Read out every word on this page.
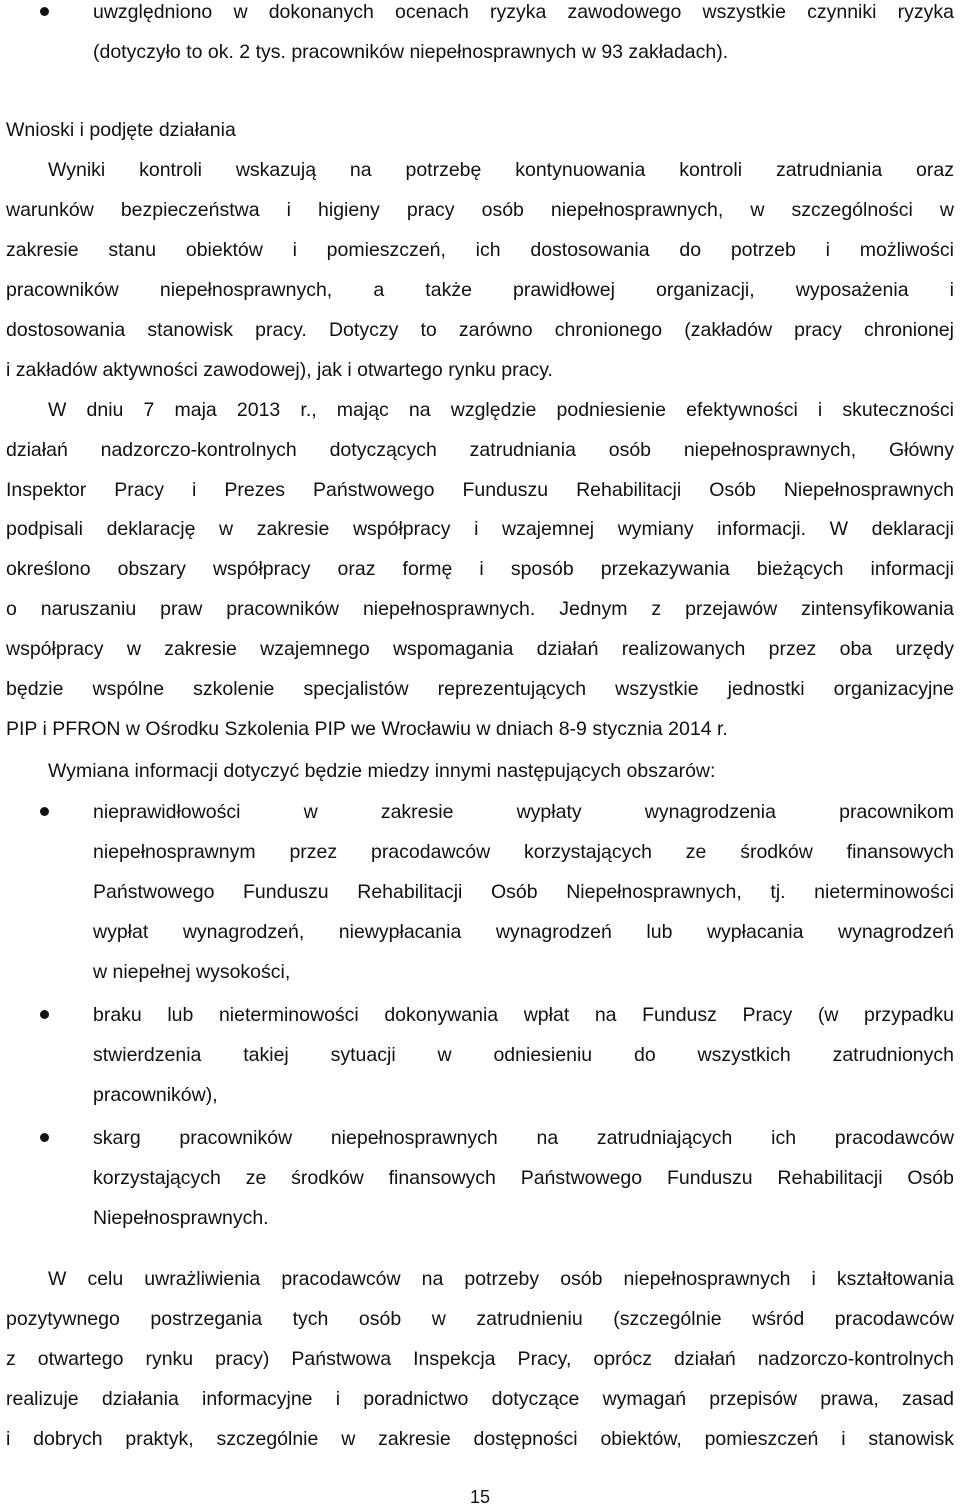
uwzględniono w dokonanych ocenach ryzyka zawodowego wszystkie czynniki ryzyka
(dotyczyło to ok. 2 tys. pracowników niepełnosprawnych w 93 zakładach).
Wnioski i podjęte działania
Wyniki kontroli wskazują na potrzebę kontynuowania kontroli zatrudniania oraz
warunków bezpieczeństwa i higieny pracy osób niepełnosprawnych, w szczególności w
zakresie stanu obiektów i pomieszczeń, ich dostosowania do potrzeb i możliwości
pracowników niepełnosprawnych, a także prawidłowej organizacji, wyposażenia i
dostosowania stanowisk pracy. Dotyczy to zarówno chronionego (zakładów pracy chronionej
i zakładów aktywności zawodowej), jak i otwartego rynku pracy.
W dniu 7 maja 2013 r., mając na względzie podniesienie efektywności i skuteczności
działań nadzorczo-kontrolnych dotyczących zatrudniania osób niepełnosprawnych, Główny
Inspektor Pracy i Prezes Państwowego Funduszu Rehabilitacji Osób Niepełnosprawnych
podpisali deklarację w zakresie współpracy i wzajemnej wymiany informacji. W deklaracji
określono obszary współpracy oraz formę i sposób przekazywania bieżących informacji
o naruszaniu praw pracowników niepełnosprawnych. Jednym z przejawów zintensyfikowania
współpracy w zakresie wzajemnego wspomagania działań realizowanych przez oba urzędy
będzie wspólne szkolenie specjalistów reprezentujących wszystkie jednostki organizacyjne
PIP i PFRON w Ośrodku Szkolenia PIP we Wrocławiu w dniach 8-9 stycznia 2014 r.
Wymiana informacji dotyczyć będzie miedzy innymi następujących obszarów:
nieprawidłowości w zakresie wypłaty wynagrodzenia pracownikom
niepełnosprawnym przez pracodawców korzystających ze środków finansowych
Państwowego Funduszu Rehabilitacji Osób Niepełnosprawnych, tj. nieterminowości
wypłat wynagrodzeń, niewypłacania wynagrodzeń lub wypłacania wynagrodzeń
w niepełnej wysokości,
braku lub nieterminowości dokonywania wpłat na Fundusz Pracy (w przypadku
stwierdzenia takiej sytuacji w odniesieniu do wszystkich zatrudnionych
pracowników),
skarg pracowników niepełnosprawnych na zatrudniających ich pracodawców
korzystających ze środków finansowych Państwowego Funduszu Rehabilitacji Osób
Niepełnosprawnych.
W celu uwrażliwienia pracodawców na potrzeby osób niepełnosprawnych i kształtowania
pozytywnego postrzegania tych osób w zatrudnieniu (szczególnie wśród pracodawców
z otwartego rynku pracy) Państwowa Inspekcja Pracy, oprócz działań nadzorczo-kontrolnych
realizuje działania informacyjne i poradnictwo dotyczące wymagań przepisów prawa, zasad
i dobrych praktyk, szczególnie w zakresie dostępności obiektów, pomieszczeń i stanowisk
15
